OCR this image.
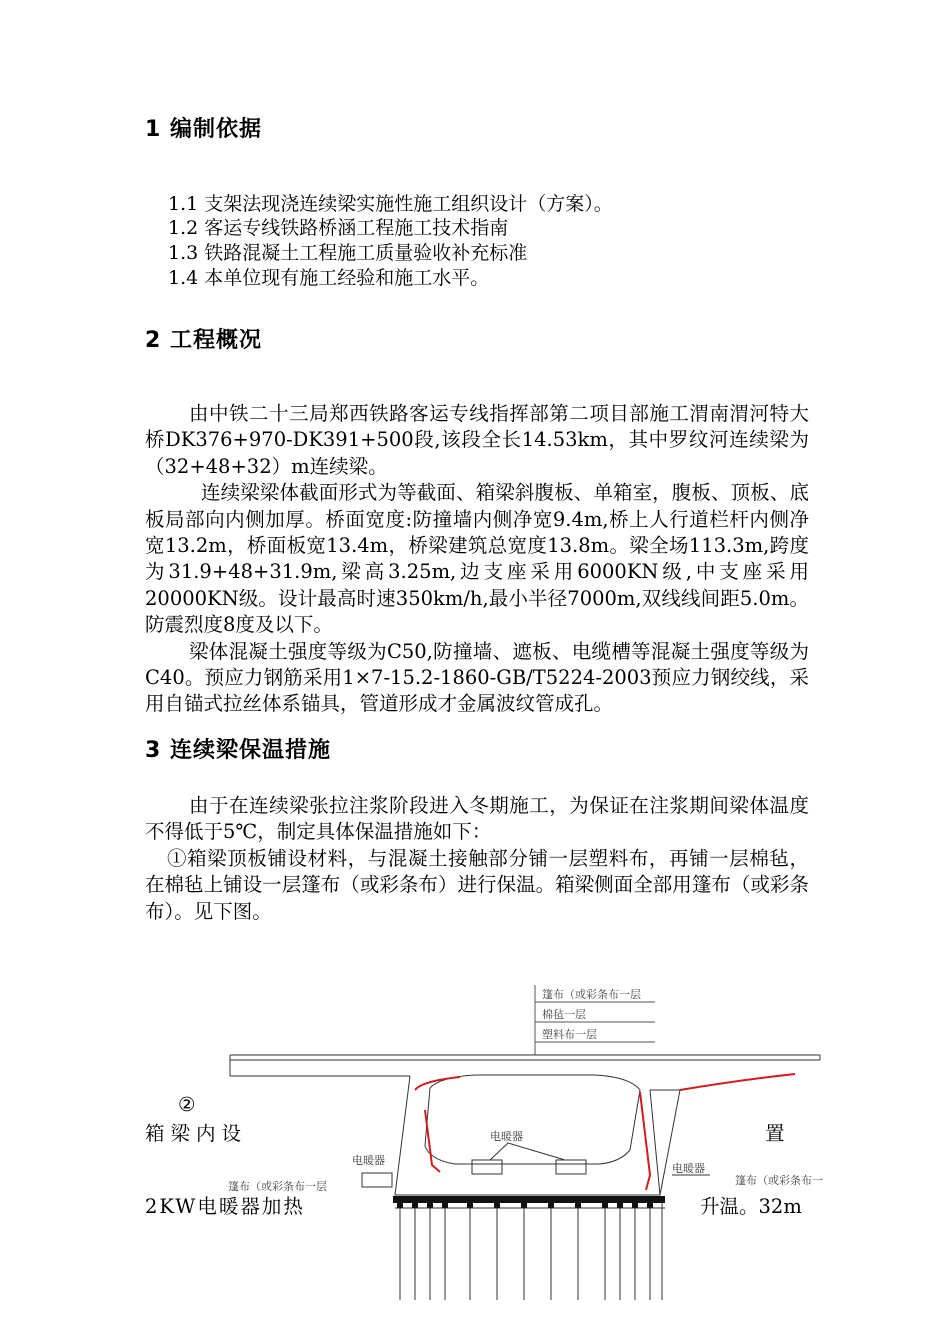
1 编制依据

1.1 支架法现浇连续梁实施性施工组织设计（方案）。

1.2 客运专线铁路桥涵工程施工技术指南

1.3 铁路混凝土工程施工质量验收补充标准

1.4 本单位现有施工经验和施工水平。

2 工程概况

由中铁二十三局郑西铁路客运专线指挥部第二项目部施工渭南渭河特大桥DK376+970-DK391+500段,该段全长14.53km，其中罗纹河连续梁为（32+48+32）m连续梁。

连续梁梁体截面形式为等截面、箱梁斜腹板、单箱室，腹板、顶板、底板局部向内侧加厚。桥面宽度:防撞墙内侧净宽9.4m,桥上人行道栏杆内侧净宽13.2m，桥面板宽13.4m，桥梁建筑总宽度13.8m。梁全场113.3m,跨度为31.9+48+31.9m,梁高3.25m,边支座采用6000KN级,中支座采用20000KN级。设计最高时速350km/h,最小半径7000m,双线线间距5.0m。防震烈度8度及以下。

梁体混凝土强度等级为C50,防撞墙、遮板、电缆槽等混凝土强度等级为C40。预应力钢筋采用1×7-15.2-1860-GB/T5224-2003预应力钢绞线，采用自锚式拉丝体系锚具，管道形成才金属波纹管成孔。

3 连续梁保温措施

由于在连续梁张拉注浆阶段进入冬期施工，为保证在注浆期间梁体温度不得低于5℃，制定具体保温措施如下：

①箱梁顶板铺设材料，与混凝土接触部分铺一层塑料布，再铺一层棉毡，在棉毡上铺设一层篷布（或彩条布）进行保温。箱梁侧面全部用篷布（或彩条布）。见下图。

篷布（或彩条布一层
棉毡一层
塑料布一层
电暖器
电暖器
电暖器
篷布（或彩条布一层	篷布（或彩条布一

②

箱梁内设	置

2KW电暖器加热	升温。32m
